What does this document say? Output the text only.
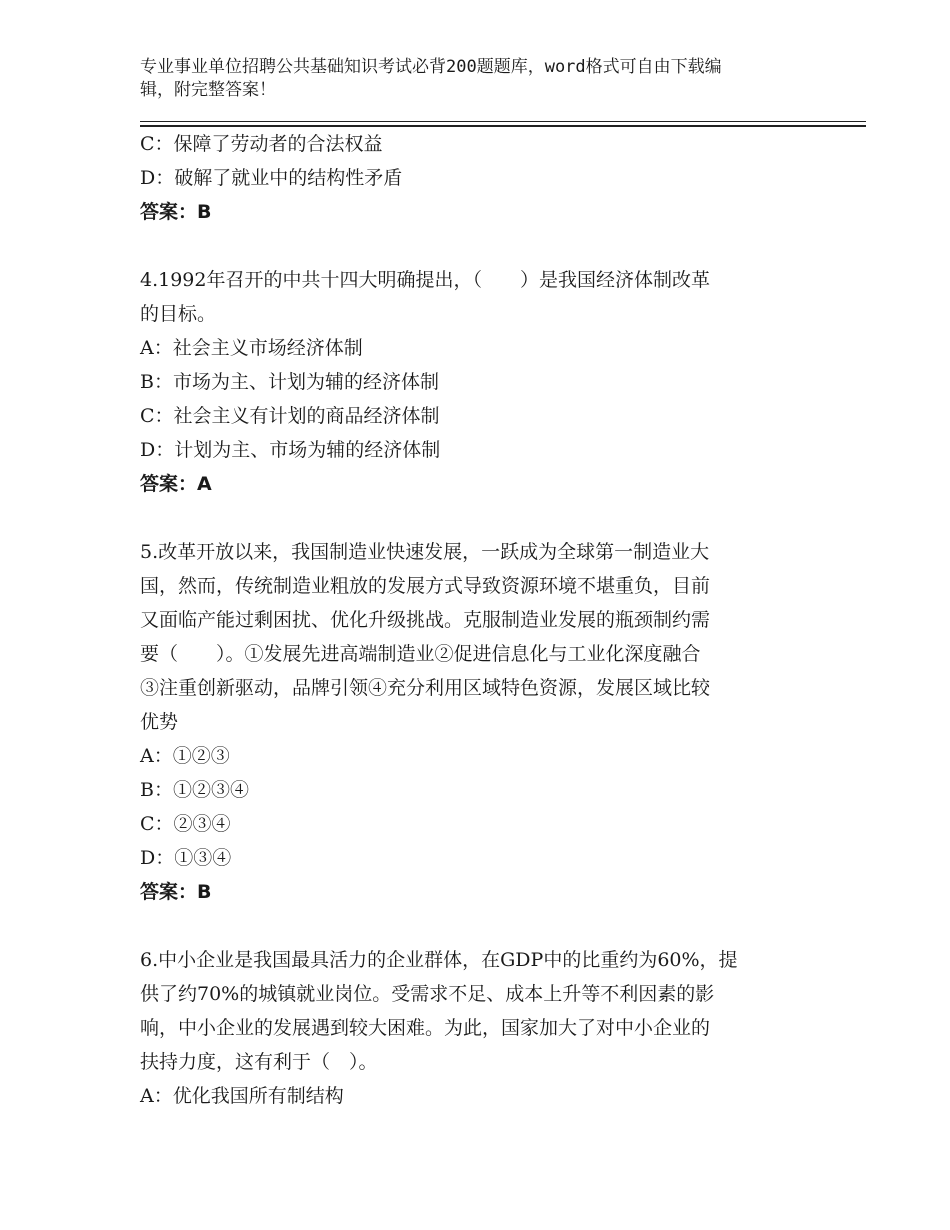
专业事业单位招聘公共基础知识考试必背200题题库，word格式可自由下载编
辑，附完整答案！
C：保障了劳动者的合法权益
D：破解了就业中的结构性矛盾
答案：B
4.1992年召开的中共十四大明确提出，（　　）是我国经济体制改革
的目标。
A：社会主义市场经济体制
B：市场为主、计划为辅的经济体制
C：社会主义有计划的商品经济体制
D：计划为主、市场为辅的经济体制
答案：A
5.改革开放以来，我国制造业快速发展，一跃成为全球第一制造业大
国，然而，传统制造业粗放的发展方式导致资源环境不堪重负，目前
又面临产能过剩困扰、优化升级挑战。克服制造业发展的瓶颈制约需
要（　　）。①发展先进高端制造业②促进信息化与工业化深度融合
③注重创新驱动，品牌引领④充分利用区域特色资源，发展区域比较
优势
A：①②③
B：①②③④
C：②③④
D：①③④
答案：B
6.中小企业是我国最具活力的企业群体，在GDP中的比重约为60%，提
供了约70%的城镇就业岗位。受需求不足、成本上升等不利因素的影
响，中小企业的发展遇到较大困难。为此，国家加大了对中小企业的
扶持力度，这有利于（　）。
A：优化我国所有制结构
